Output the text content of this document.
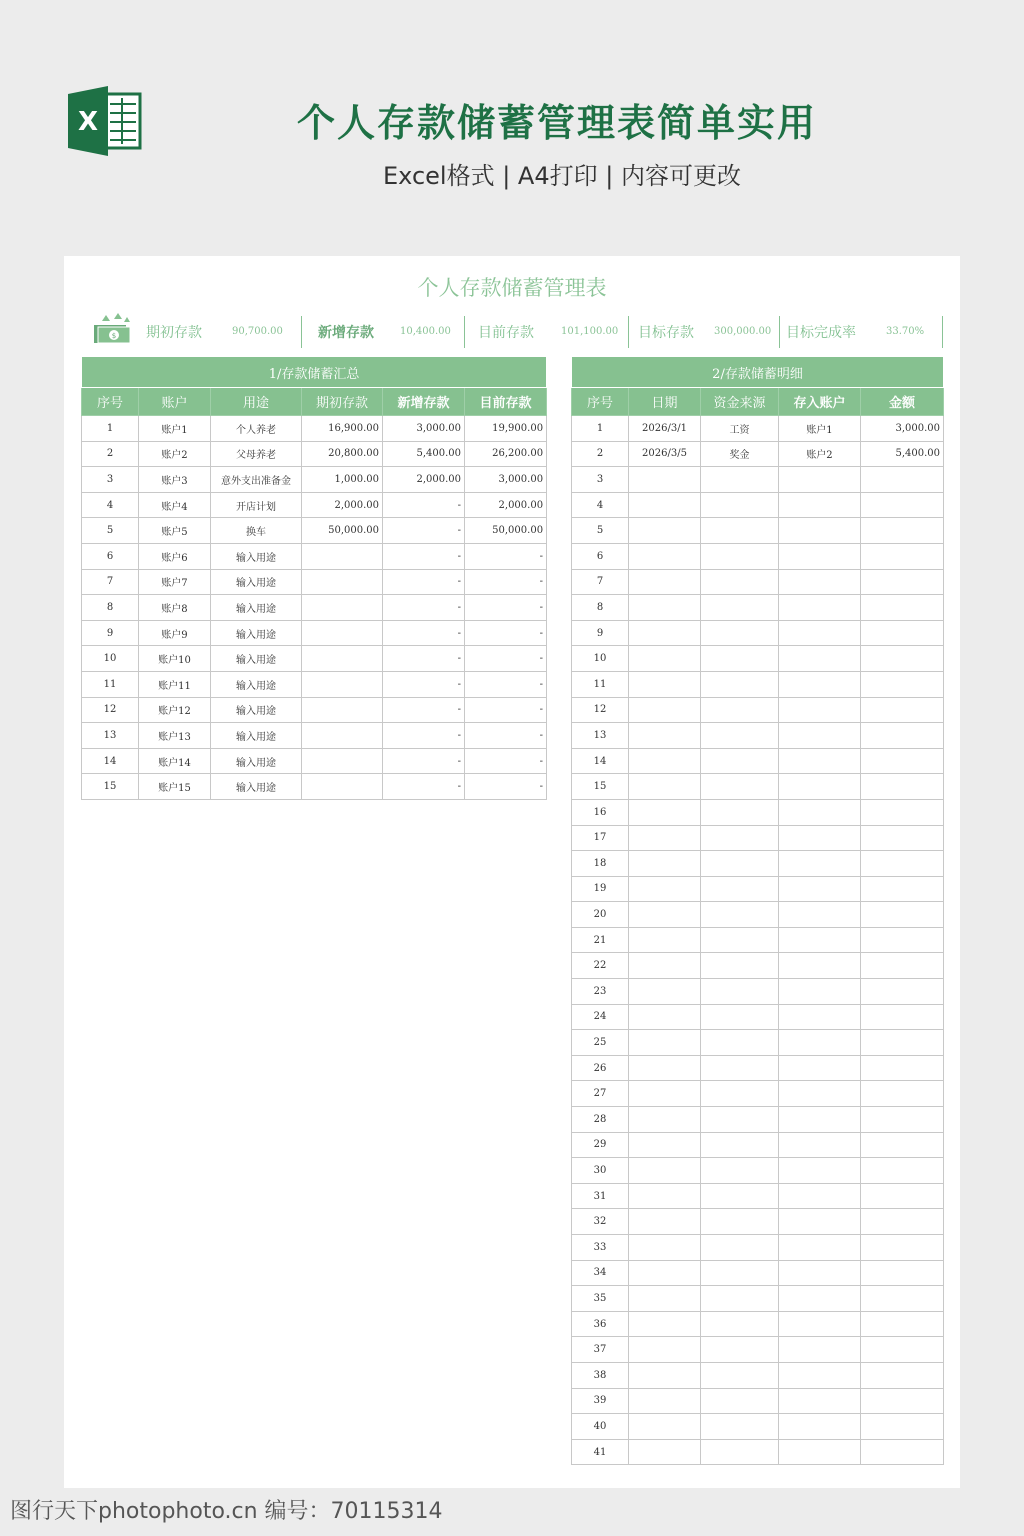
X	个人存款储蓄管理表简单实用
Excel格式 | A4打印 | 内容可更改
个人存款储蓄管理表
$ 期初存款	90,700.00	新增存款	10,400.00 目前存款	101,100.00 目标存款 300,000.00 目标完成率	33.70%
1/存款储蓄汇总					
序号	账户	用途	期初存款	新增存款	目前存款
1	账户1	个人养老	16,900.00	3,000.00	19,900.00
2	账户2	父母养老	20,800.00	5,400.00	26,200.00
3	账户3	意外支出准备金	1,000.00	2,000.00	3,000.00
4	账户4	开店计划	2,000.00	-	2,000.00
5	账户5	换车	50,000.00	-	50,000.00
6	账户6	输入用途		-	-
7	账户7	输入用途		-	-
8	账户8	输入用途		-	-
9	账户9	输入用途		-	-
10	账户10	输入用途		-	-
11	账户11	输入用途		-	-
12	账户12	输入用途		-	-
13	账户13	输入用途		-	-
14	账户14	输入用途		-	-
15	账户15	输入用途		-	-
2/存款储蓄明细				
序号	日期	资金来源	存入账户	金额
1	2026/3/1	工资	账户1	3,000.00
2	2026/3/5	奖金	账户2	5,400.00
3				
4				
5				
6				
7				
8				
9				
10				
11				
12				
13				
14				
15				
16				
17				
18				
19				
20				
21				
22				
23				
24				
25				
26				
27				
28				
29				
30				
31				
32				
33				
34				
35				
36				
37				
38				
39				
40				
41				
图行天下photophoto.cn 编号：70115314
